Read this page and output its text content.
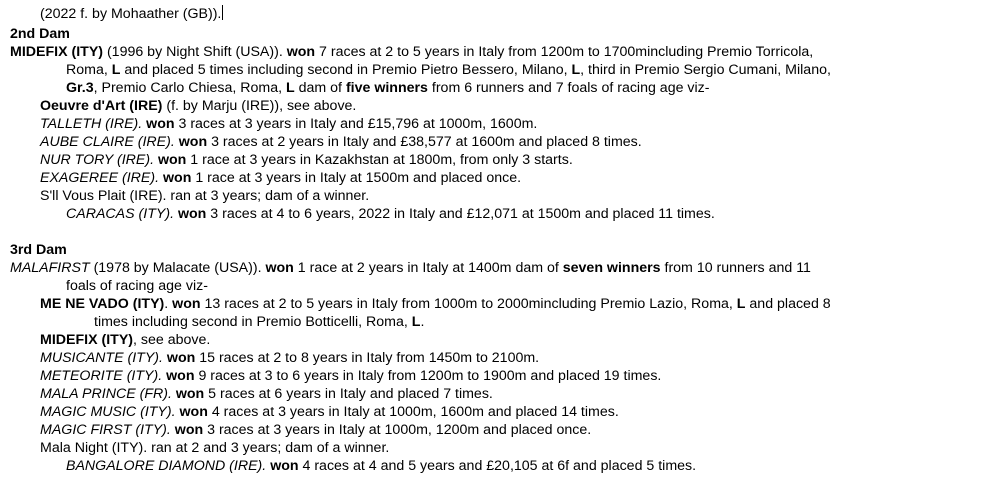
(2022 f. by Mohaather (GB)).
2nd Dam
MIDEFIX (ITY) (1996 by Night Shift (USA)). won 7 races at 2 to 5 years in Italy from 1200m to 1700mincluding Premio Torricola,
Roma, L and placed 5 times including second in Premio Pietro Bessero, Milano, L, third in Premio Sergio Cumani, Milano,
Gr.3, Premio Carlo Chiesa, Roma, L dam of five winners from 6 runners and 7 foals of racing age viz-
Oeuvre d'Art (IRE) (f. by Marju (IRE)), see above.
TALLETH (IRE). won 3 races at 3 years in Italy and £15,796 at 1000m, 1600m.
AUBE CLAIRE (IRE). won 3 races at 2 years in Italy and £38,577 at 1600m and placed 8 times.
NUR TORY (IRE). won 1 race at 3 years in Kazakhstan at 1800m, from only 3 starts.
EXAGEREE (IRE). won 1 race at 3 years in Italy at 1500m and placed once.
S'll Vous Plait (IRE). ran at 3 years; dam of a winner.
CARACAS (ITY). won 3 races at 4 to 6 years, 2022 in Italy and £12,071 at 1500m and placed 11 times.
3rd Dam
MALAFIRST (1978 by Malacate (USA)). won 1 race at 2 years in Italy at 1400m dam of seven winners from 10 runners and 11
foals of racing age viz-
ME NE VADO (ITY). won 13 races at 2 to 5 years in Italy from 1000m to 2000mincluding Premio Lazio, Roma, L and placed 8
times including second in Premio Botticelli, Roma, L.
MIDEFIX (ITY), see above.
MUSICANTE (ITY). won 15 races at 2 to 8 years in Italy from 1450m to 2100m.
METEORITE (ITY). won 9 races at 3 to 6 years in Italy from 1200m to 1900m and placed 19 times.
MALA PRINCE (FR). won 5 races at 6 years in Italy and placed 7 times.
MAGIC MUSIC (ITY). won 4 races at 3 years in Italy at 1000m, 1600m and placed 14 times.
MAGIC FIRST (ITY). won 3 races at 3 years in Italy at 1000m, 1200m and placed once.
Mala Night (ITY). ran at 2 and 3 years; dam of a winner.
BANGALORE DIAMOND (IRE). won 4 races at 4 and 5 years and £20,105 at 6f and placed 5 times.
